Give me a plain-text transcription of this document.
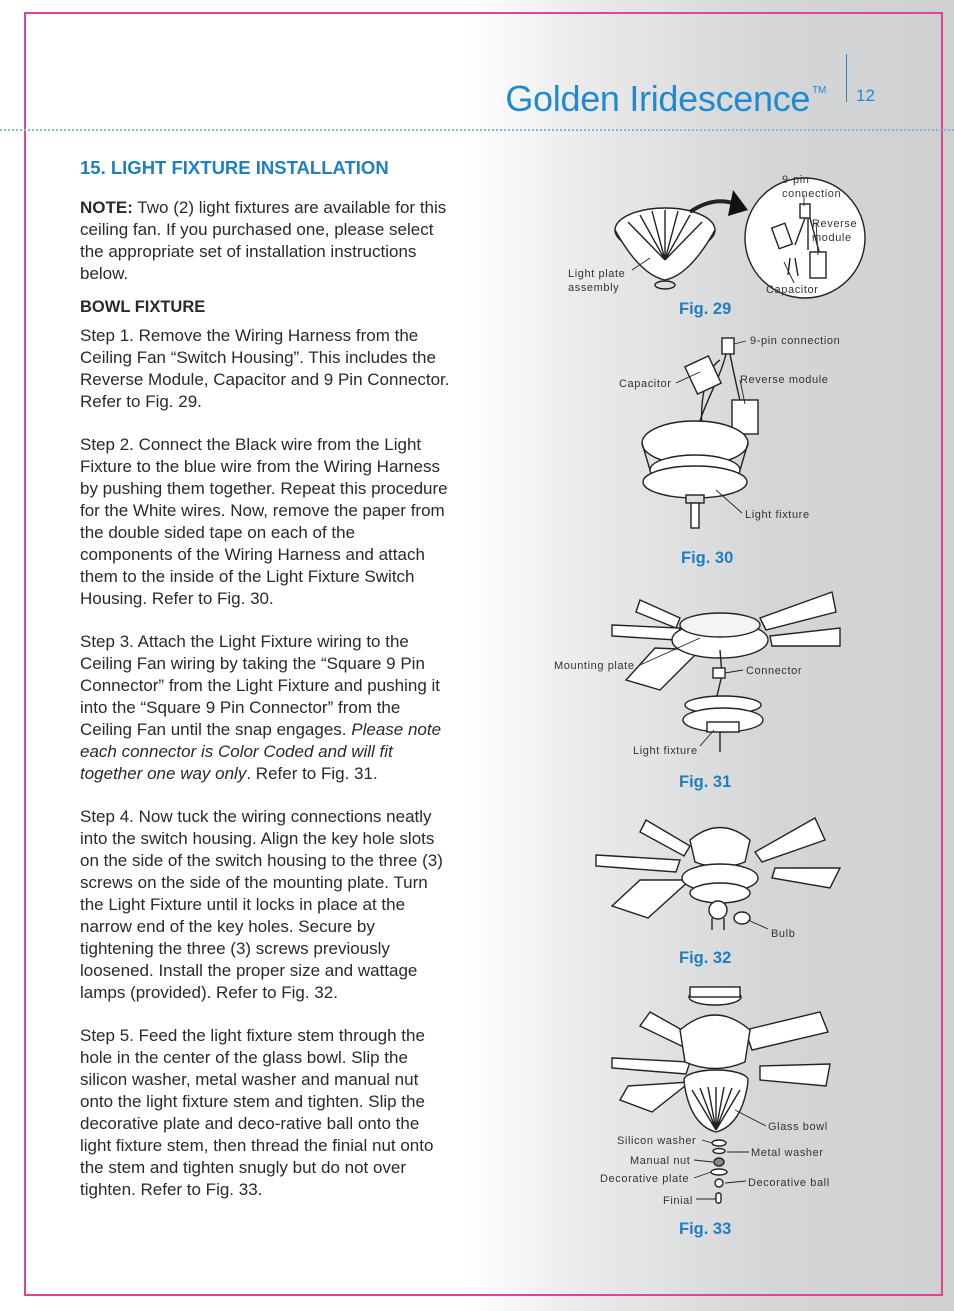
Golden Iridescence ™ 12
15. LIGHT FIXTURE INSTALLATION

NOTE: Two (2) light fixtures are available for this ceiling fan. If you purchased one, please select the appropriate set of installation instructions below.

BOWL FIXTURE

Step 1. Remove the Wiring Harness from the Ceiling Fan “Switch Housing”. This includes the Reverse Module, Capacitor and 9 Pin Connector. Refer to Fig. 29.

Step 2. Connect the Black wire from the Light Fixture to the blue wire from the Wiring Harness by pushing them together. Repeat this procedure for the White wires. Now, remove the paper from the double sided tape on each of the components of the Wiring Harness and attach them to the inside of the Light Fixture Switch Housing. Refer to Fig. 30.

Step 3. Attach the Light Fixture wiring to the Ceiling Fan wiring by taking the “Square 9 Pin Connector” from the Light Fixture and pushing it into the “Square 9 Pin Connector” from the Ceiling Fan until the snap engages. Please note each connector is Color Coded and will fit together one way only. Refer to Fig. 31.

Step 4. Now tuck the wiring connections neatly into the switch housing. Align the key hole slots on the side of the switch housing to the three (3) screws on the side of the mounting plate. Turn the Light Fixture until it locks in place at the narrow end of the key holes. Secure by tightening the three (3) screws previously loosened. Install the proper size and wattage lamps (provided). Refer to Fig. 32.

Step 5. Feed the light fixture stem through the hole in the center of the glass bowl. Slip the silicon washer, metal washer and manual nut onto the light fixture stem and tighten. Slip the decorative plate and deco-rative ball onto the light fixture stem, then thread the finial nut onto the stem and tighten snugly but do not over tighten. Refer to Fig. 33.

Fig. 29
Light plate
assembly
9-pin
connection
Reverse
module
Capacitor
Fig. 30
9-pin connection
Capacitor	Reverse module
Light fixture
Fig. 31
Mounting plate	Connector
Light fixture
Fig. 32
Bulb
Fig. 33
Glass bowl
Silicon washer
Metal washer
Manual nut
Decorative plate	Decorative ball
Finial
